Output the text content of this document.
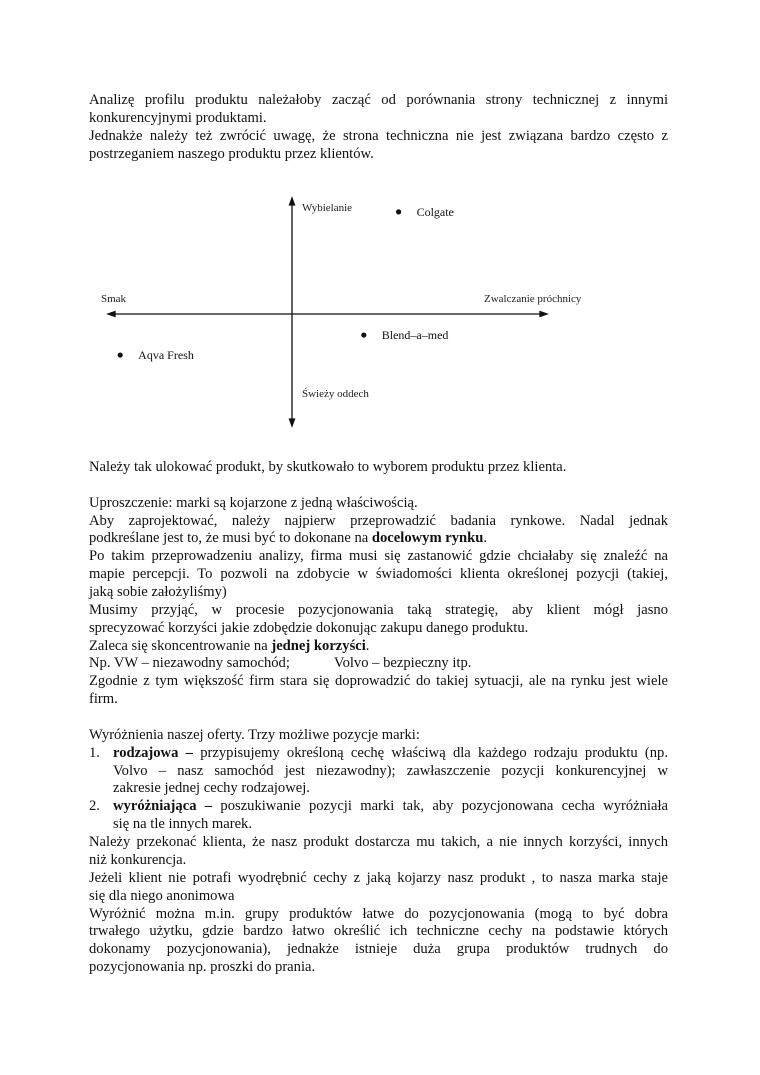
Analizę profilu produktu należałoby zacząć od porównania strony technicznej z innymi
konkurencyjnymi produktami.
Jednakże należy też zwrócić uwagę, że strona techniczna nie jest związana bardzo często z
postrzeganiem naszego produktu przez klientów.
Należy tak ulokować produkt, by skutkowało to wyborem produktu przez klienta.
Uproszczenie: marki są kojarzone z jedną właściwością.
Aby zaprojektować, należy najpierw przeprowadzić badania rynkowe. Nadal jednak
podkreślane jest to, że musi być to dokonane na docelowym rynku.
Po takim przeprowadzeniu analizy, firma musi się zastanowić gdzie chciałaby się znaleźć na
mapie percepcji. To pozwoli na zdobycie w świadomości klienta określonej pozycji (takiej,
jaką sobie założyliśmy)
Musimy przyjąć, w procesie pozycjonowania taką strategię, aby klient mógł jasno
sprecyzować korzyści jakie zdobędzie dokonując zakupu danego produktu.
Zaleca się skoncentrowanie na jednej korzyści.
Np. VW – niezawodny samochód;	Volvo – bezpieczny itp.
Zgodnie z tym większość firm stara się doprowadzić do takiej sytuacji, ale na rynku jest wiele
firm.
Wyróżnienia naszej oferty. Trzy możliwe pozycje marki:
1. rodzajowa – przypisujemy określoną cechę właściwą dla każdego rodzaju produktu (np.
Volvo – nasz samochód jest niezawodny); zawłaszczenie pozycji konkurencyjnej w
zakresie jednej cechy rodzajowej.
2. wyróżniająca – poszukiwanie pozycji marki tak, aby pozycjonowana cecha wyróżniała
się na tle innych marek.
Należy przekonać klienta, że nasz produkt dostarcza mu takich, a nie innych korzyści, innych
niż konkurencja.
Jeżeli klient nie potrafi wyodrębnić cechy z jaką kojarzy nasz produkt , to nasza marka staje
się dla niego anonimowa
Wyróżnić można m.in. grupy produktów łatwe do pozycjonowania (mogą to być dobra
trwałego użytku, gdzie bardzo łatwo określić ich techniczne cechy na podstawie których
dokonamy pozycjonowania), jednakże istnieje duża grupa produktów trudnych do
pozycjonowania np. proszki do prania.
Wybielanie
Świeży oddech
Smak	Zwalczanie próchnicy
Colgate
Blend–a–med
Aqva Fresh
